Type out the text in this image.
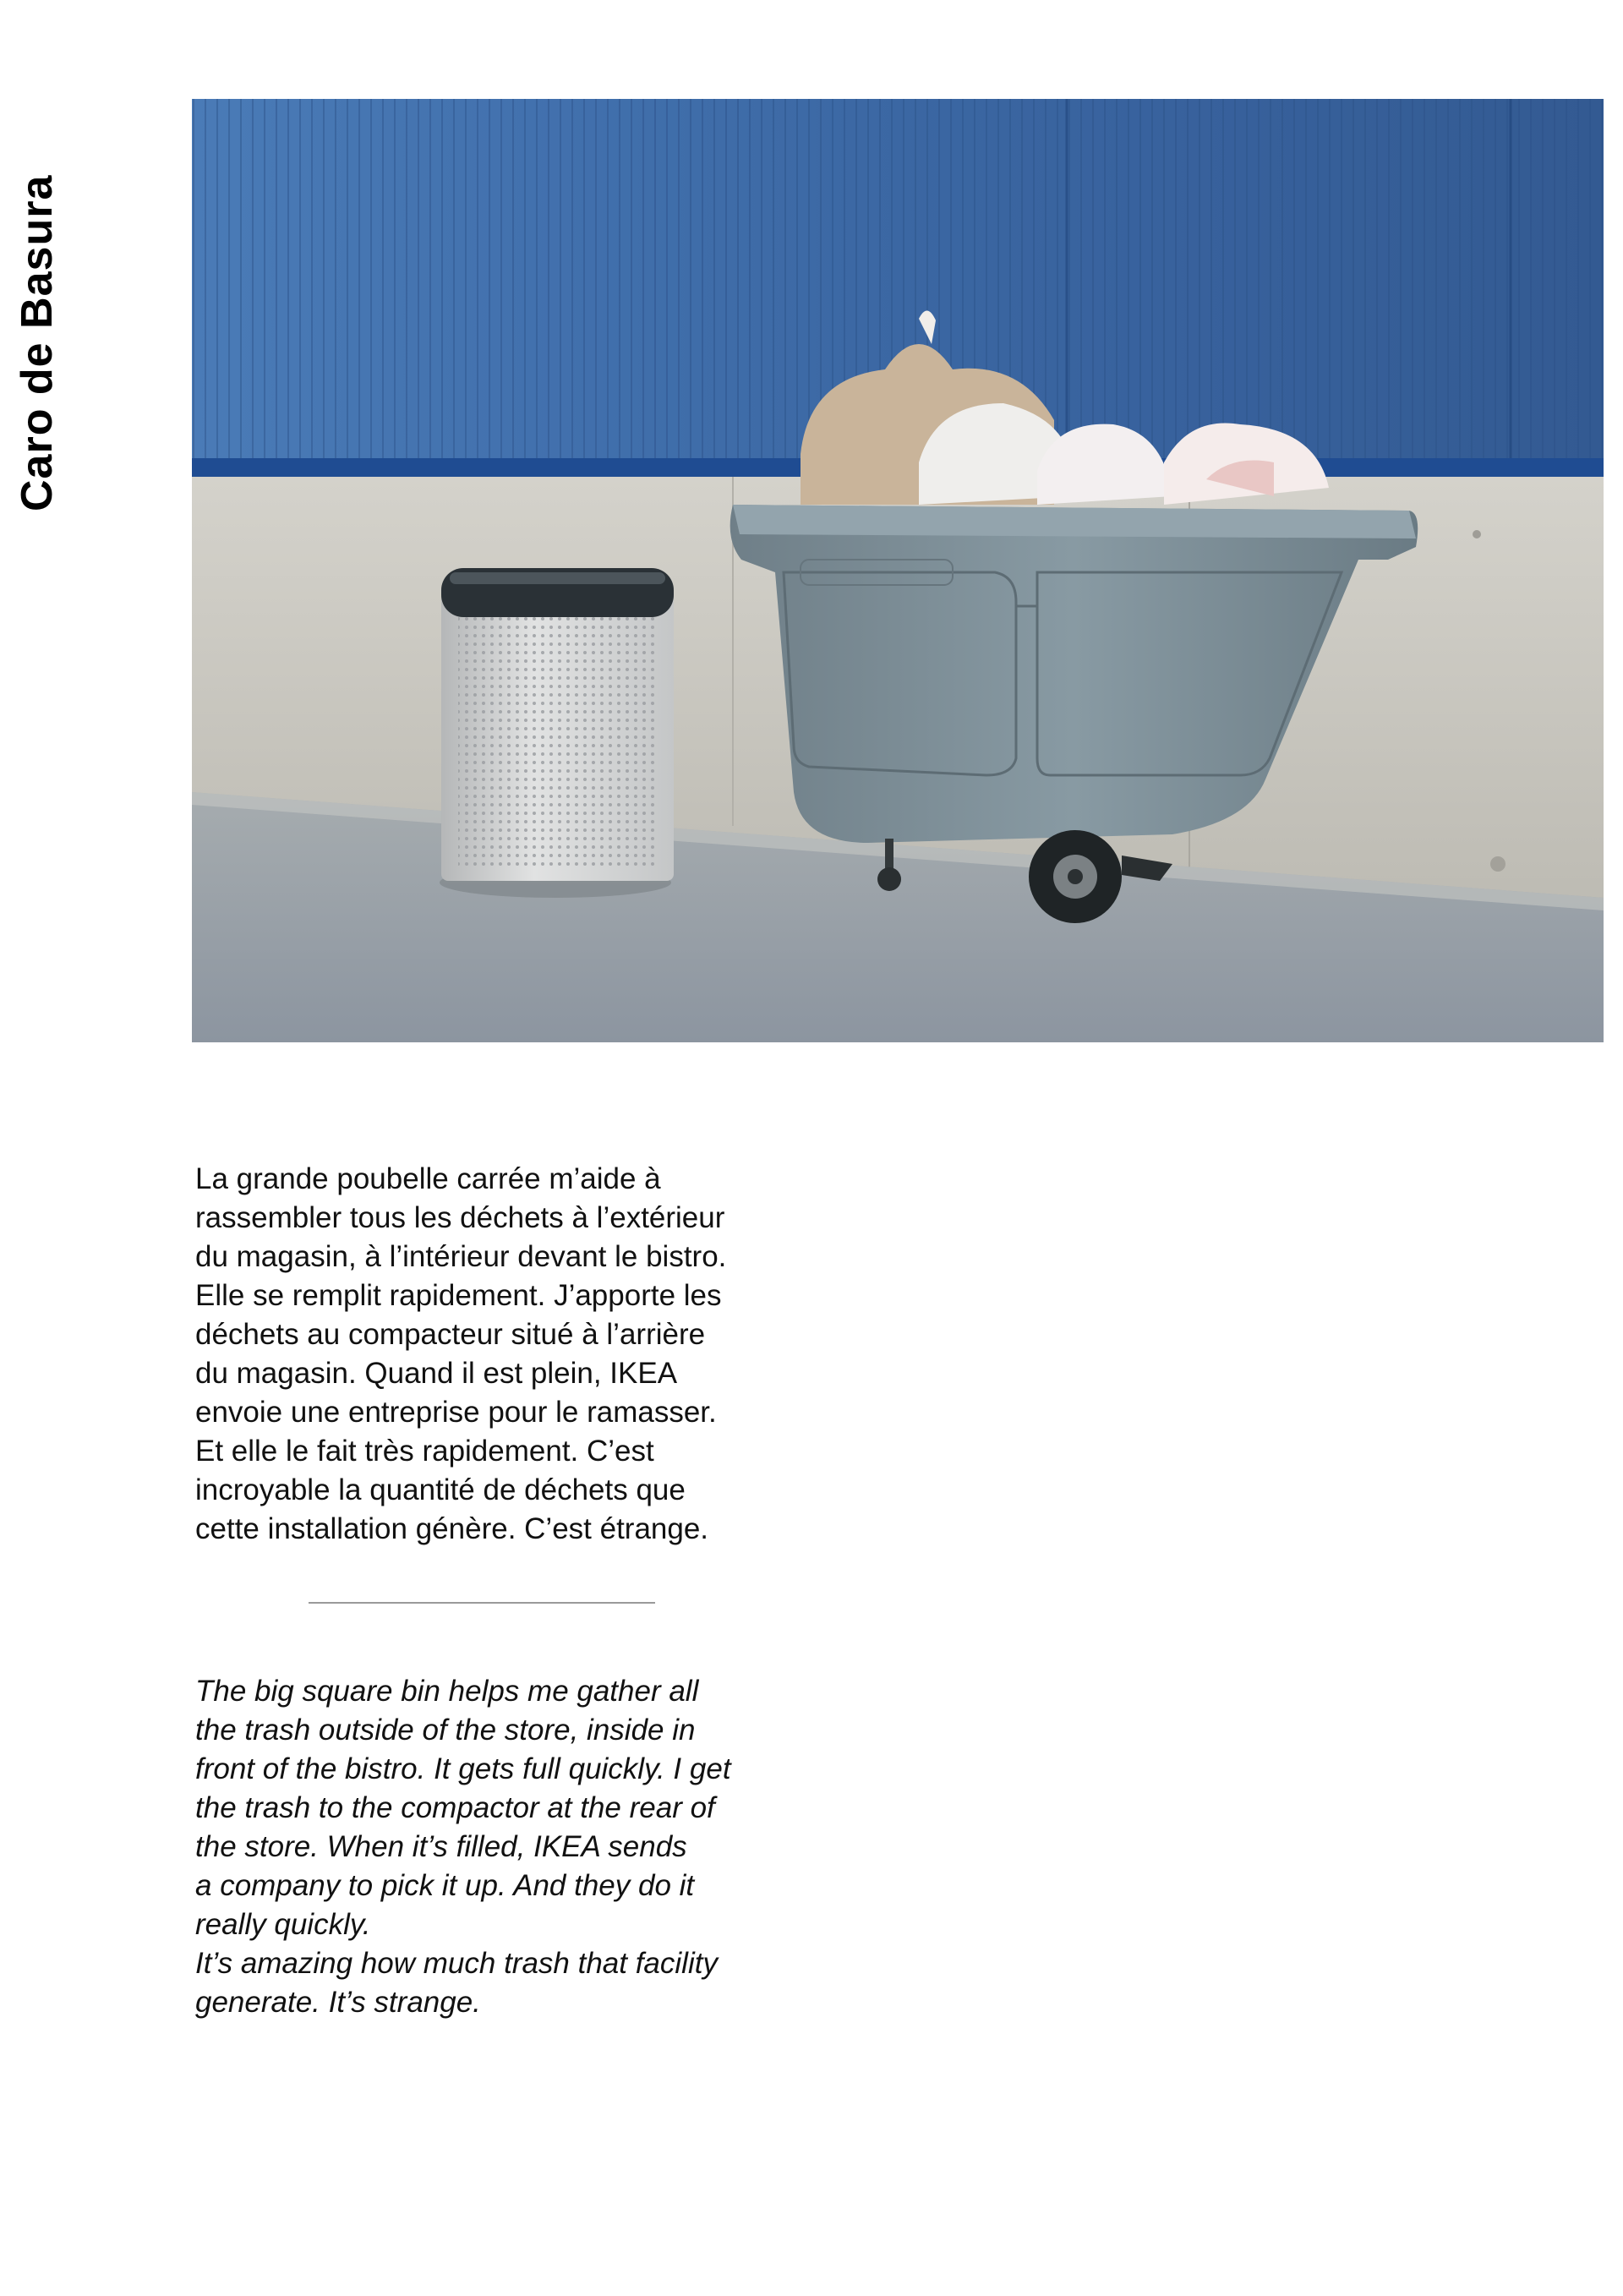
Caro de Basura
La grande poubelle carrée m’aide à
rassembler tous les déchets à l’extérieur
du magasin, à l’intérieur devant le bistro.
Elle se remplit rapidement. J’apporte les
déchets au compacteur situé à l’arrière
du magasin. Quand il est plein, IKEA
envoie une entreprise pour le ramasser.
Et elle le fait très rapidement. C’est
incroyable la quantité de déchets que
cette installation génère. C’est étrange.
The big square bin helps me gather all
the trash outside of the store, inside in
front of the bistro. It gets full quickly. I get
the trash to the compactor at the rear of
the store. When it’s filled, IKEA sends
a company to pick it up. And they do it
really quickly.
It’s amazing how much trash that facility
generate. It’s strange.
